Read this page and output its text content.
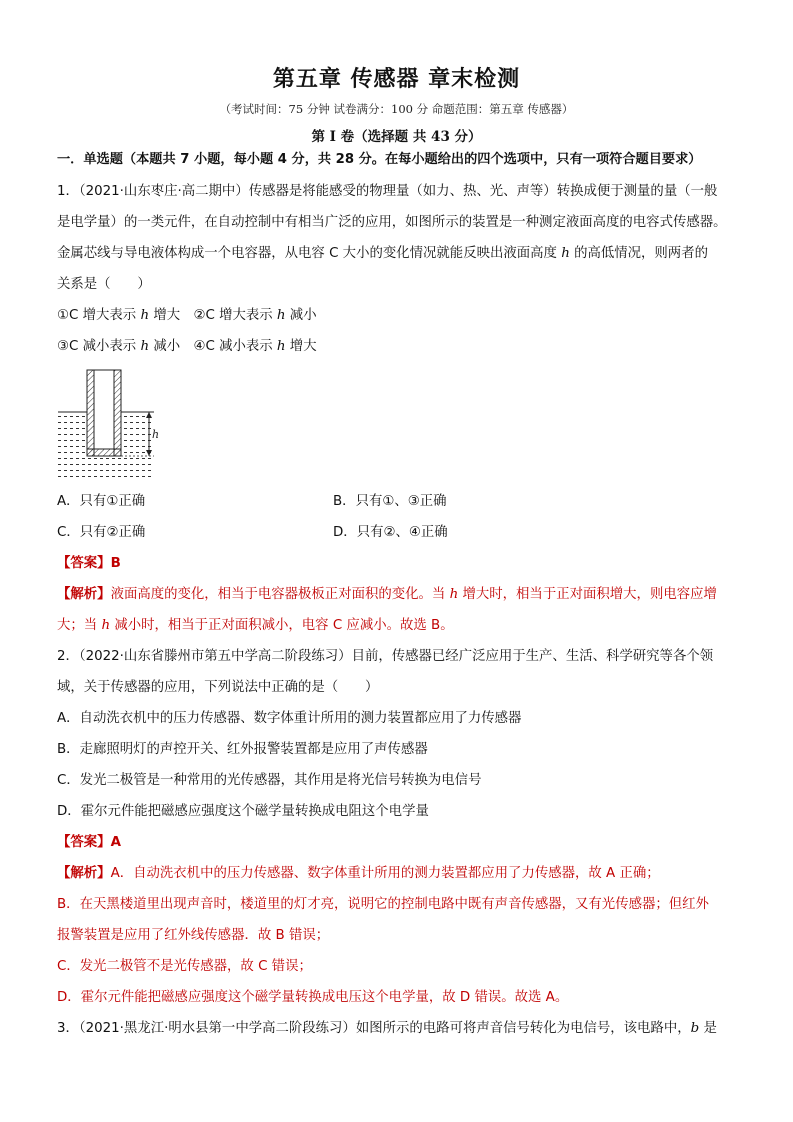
第五章 传感器 章末检测
（考试时间：75 分钟 试卷满分：100 分 命题范围：第五章 传感器）
第 I 卷（选择题 共 43 分）
一．单选题（本题共 7 小题，每小题 4 分，共 28 分。在每小题给出的四个选项中，只有一项符合题目要求）
1．（2021·山东枣庄·高二期中）传感器是将能感受的物理量（如力、热、光、声等）转换成便于测量的量（一般
是电学量）的一类元件，在自动控制中有相当广泛的应用，如图所示的装置是一种测定液面高度的电容式传感器。
金属芯线与导电液体构成一个电容器，从电容 C 大小的变化情况就能反映出液面高度 h 的高低情况，则两者的
关系是（　　）
①C 增大表示 h 增大　②C 增大表示 h 减小
③C 减小表示 h 减小　④C 减小表示 h 增大
h
A．只有①正确	B．只有①、③正确
C．只有②正确	D．只有②、④正确
【答案】B
【解析】液面高度的变化，相当于电容器极板正对面积的变化。当 h 增大时，相当于正对面积增大，则电容应增
大；当 h 减小时，相当于正对面积减小，电容 C 应减小。故选 B。
2．（2022·山东省滕州市第五中学高二阶段练习）目前，传感器已经广泛应用于生产、生活、科学研究等各个领
域，关于传感器的应用，下列说法中正确的是（　　）
A．自动洗衣机中的压力传感器、数字体重计所用的测力装置都应用了力传感器
B．走廊照明灯的声控开关、红外报警装置都是应用了声传感器
C．发光二极管是一种常用的光传感器，其作用是将光信号转换为电信号
D．霍尔元件能把磁感应强度这个磁学量转换成电阻这个电学量
【答案】A
【解析】A．自动洗衣机中的压力传感器、数字体重计所用的测力装置都应用了力传感器，故 A 正确；
B．在天黑楼道里出现声音时，楼道里的灯才亮，说明它的控制电路中既有声音传感器，又有光传感器；但红外
报警装置是应用了红外线传感器．故 B 错误；
C．发光二极管不是光传感器，故 C 错误；
D．霍尔元件能把磁感应强度这个磁学量转换成电压这个电学量，故 D 错误。故选 A。
3．（2021·黑龙江·明水县第一中学高二阶段练习）如图所示的电路可将声音信号转化为电信号，该电路中，b 是
